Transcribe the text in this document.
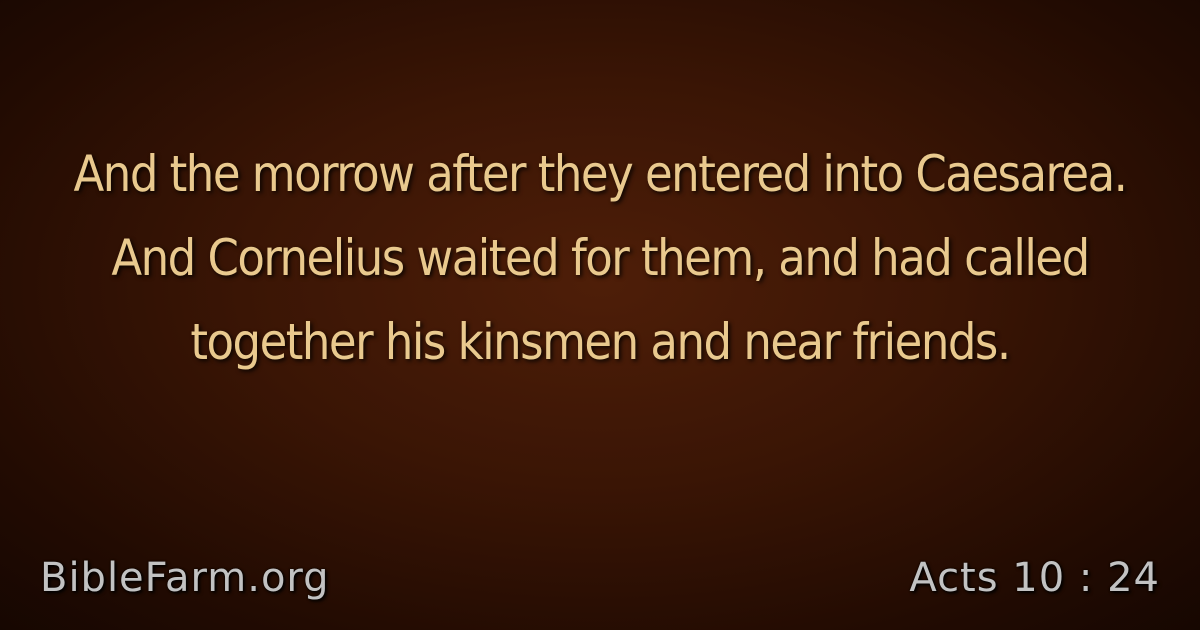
And the morrow after they entered into Caesarea. And Cornelius waited for them, and had called together his kinsmen and near friends.

BibleFarm.org	Acts 10 : 24
